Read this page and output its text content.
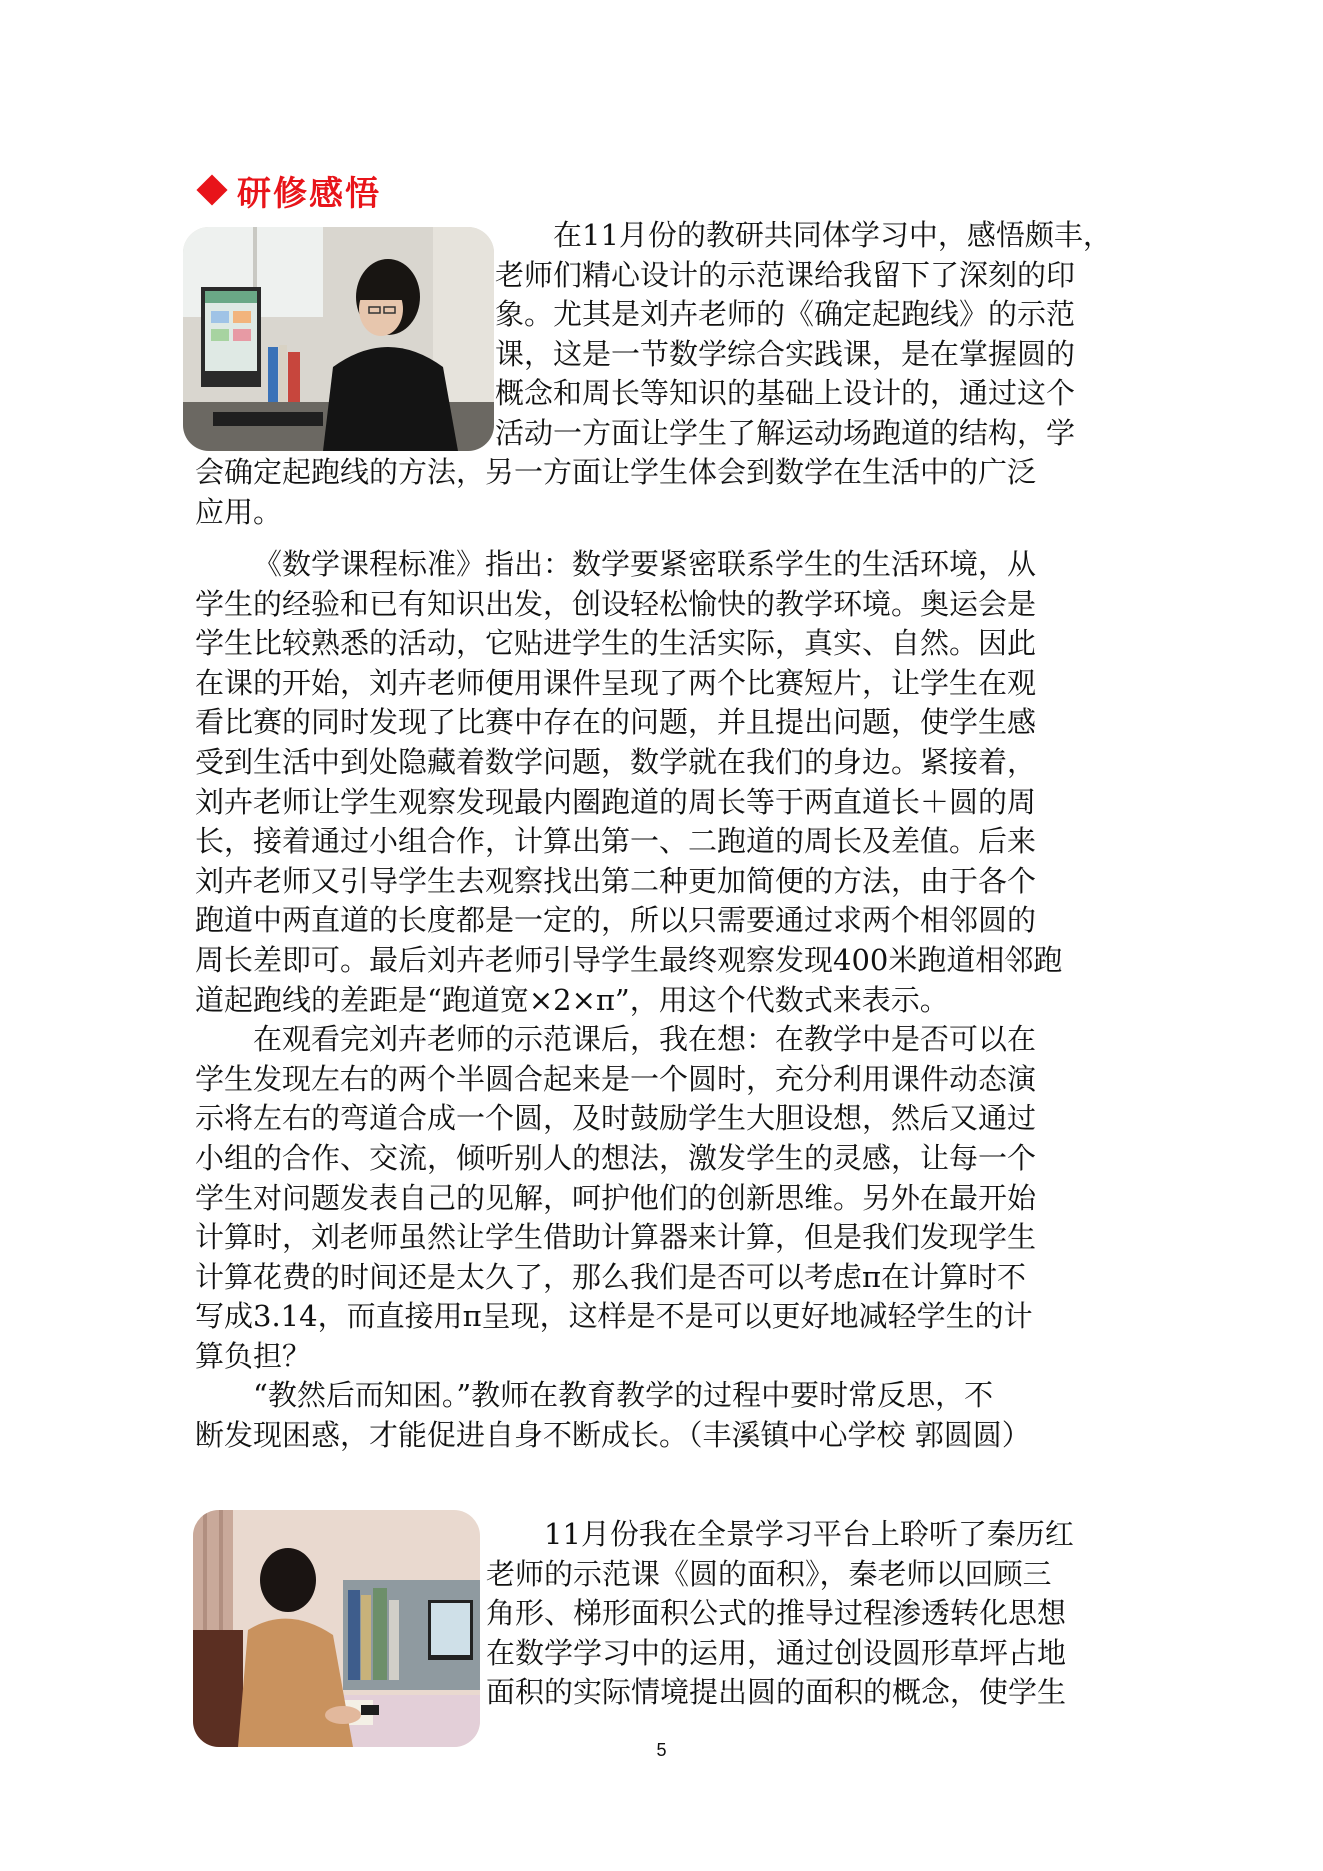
研修感悟
在11月份的教研共同体学习中，感悟颇丰，
老师们精心设计的示范课给我留下了深刻的印
象。尤其是刘卉老师的《确定起跑线》的示范
课，这是一节数学综合实践课，是在掌握圆的
概念和周长等知识的基础上设计的，通过这个
活动一方面让学生了解运动场跑道的结构，学
会确定起跑线的方法，另一方面让学生体会到数学在生活中的广泛
应用。
《数学课程标准》指出：数学要紧密联系学生的生活环境，从
学生的经验和已有知识出发，创设轻松愉快的教学环境。奥运会是
学生比较熟悉的活动，它贴进学生的生活实际，真实、自然。因此
在课的开始，刘卉老师便用课件呈现了两个比赛短片，让学生在观
看比赛的同时发现了比赛中存在的问题，并且提出问题，使学生感
受到生活中到处隐藏着数学问题，数学就在我们的身边。紧接着，
刘卉老师让学生观察发现最内圈跑道的周长等于两直道长＋圆的周
长，接着通过小组合作，计算出第一、二跑道的周长及差值。后来
刘卉老师又引导学生去观察找出第二种更加简便的方法，由于各个
跑道中两直道的长度都是一定的，所以只需要通过求两个相邻圆的
周长差即可。最后刘卉老师引导学生最终观察发现400米跑道相邻跑
道起跑线的差距是“跑道宽×2×π”，用这个代数式来表示。
在观看完刘卉老师的示范课后，我在想：在教学中是否可以在
学生发现左右的两个半圆合起来是一个圆时，充分利用课件动态演
示将左右的弯道合成一个圆，及时鼓励学生大胆设想，然后又通过
小组的合作、交流，倾听别人的想法，激发学生的灵感，让每一个
学生对问题发表自己的见解，呵护他们的创新思维。另外在最开始
计算时，刘老师虽然让学生借助计算器来计算，但是我们发现学生
计算花费的时间还是太久了，那么我们是否可以考虑π在计算时不
写成3.14，而直接用π呈现，这样是不是可以更好地减轻学生的计
算负担？
“教然后而知困。”教师在教育教学的过程中要时常反思，不
断发现困惑，才能促进自身不断成长。（丰溪镇中心学校 郭圆圆）
11月份我在全景学习平台上聆听了秦历红
老师的示范课《圆的面积》，秦老师以回顾三
角形、梯形面积公式的推导过程渗透转化思想
在数学学习中的运用，通过创设圆形草坪占地
面积的实际情境提出圆的面积的概念，使学生
5
